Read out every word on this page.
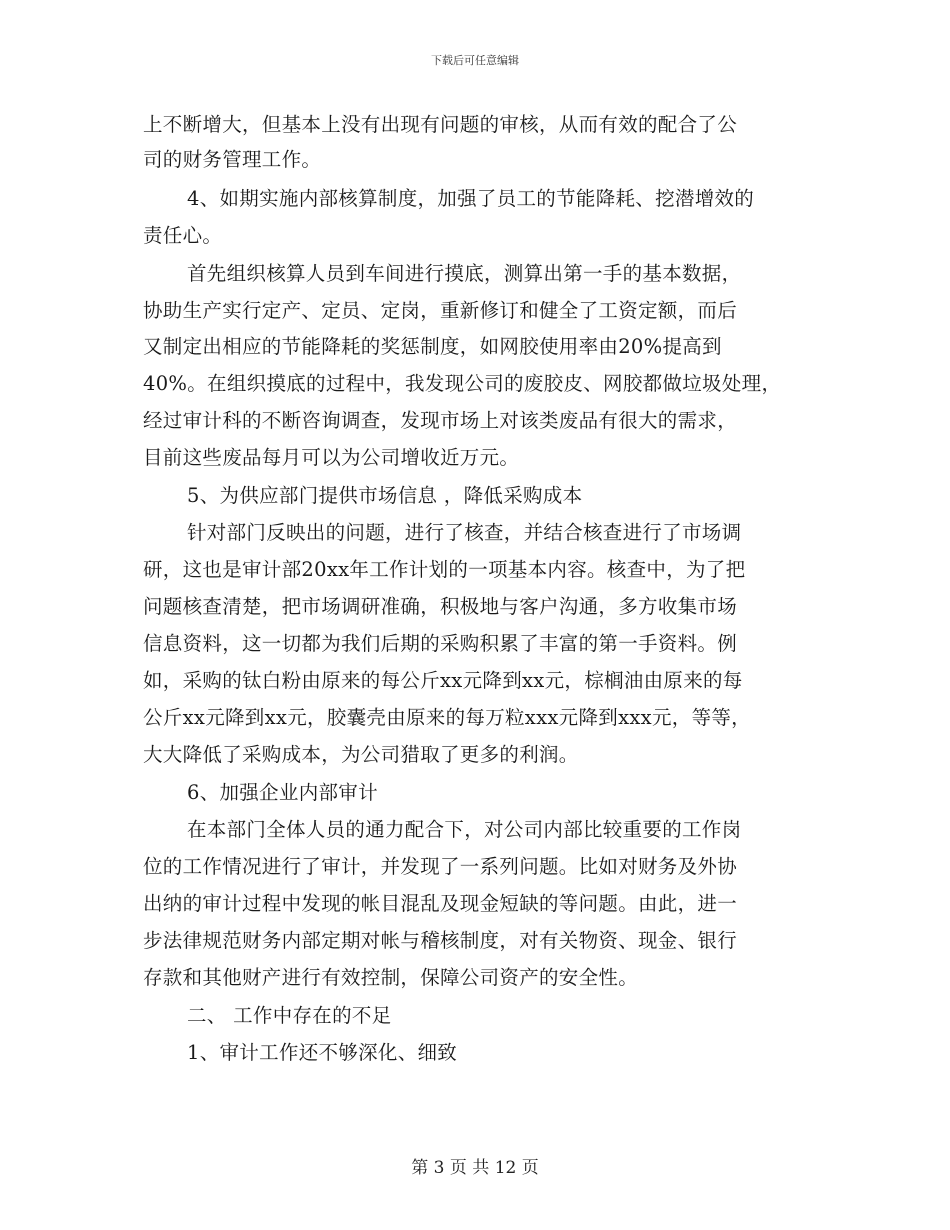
下载后可任意编辑
上不断增大，但基本上没有出现有问题的审核，从而有效的配合了公
司的财务管理工作。
4、如期实施内部核算制度，加强了员工的节能降耗、挖潜增效的
责任心。
首先组织核算人员到车间进行摸底，测算出第一手的基本数据，
协助生产实行定产、定员、定岗，重新修订和健全了工资定额，而后
又制定出相应的节能降耗的奖惩制度，如网胶使用率由20%提高到
40%。在组织摸底的过程中，我发现公司的废胶皮、网胶都做垃圾处理，
经过审计科的不断咨询调查，发现市场上对该类废品有很大的需求，
目前这些废品每月可以为公司增收近万元。
5、为供应部门提供市场信息 ，降低采购成本
针对部门反映出的问题，进行了核查，并结合核查进行了市场调
研，这也是审计部20xx年工作计划的一项基本内容。核查中，为了把
问题核查清楚，把市场调研准确，积极地与客户沟通，多方收集市场
信息资料，这一切都为我们后期的采购积累了丰富的第一手资料。例
如，采购的钛白粉由原来的每公斤xx元降到xx元，棕榈油由原来的每
公斤xx元降到xx元，胶囊壳由原来的每万粒xxx元降到xxx元，等等，
大大降低了采购成本，为公司猎取了更多的利润。
6、加强企业内部审计
在本部门全体人员的通力配合下，对公司内部比较重要的工作岗
位的工作情况进行了审计，并发现了一系列问题。比如对财务及外协
出纳的审计过程中发现的帐目混乱及现金短缺的等问题。由此，进一
步法律规范财务内部定期对帐与稽核制度，对有关物资、现金、银行
存款和其他财产进行有效控制，保障公司资产的安全性。
二、 工作中存在的不足
1、审计工作还不够深化、细致
第 3 页 共 12 页
